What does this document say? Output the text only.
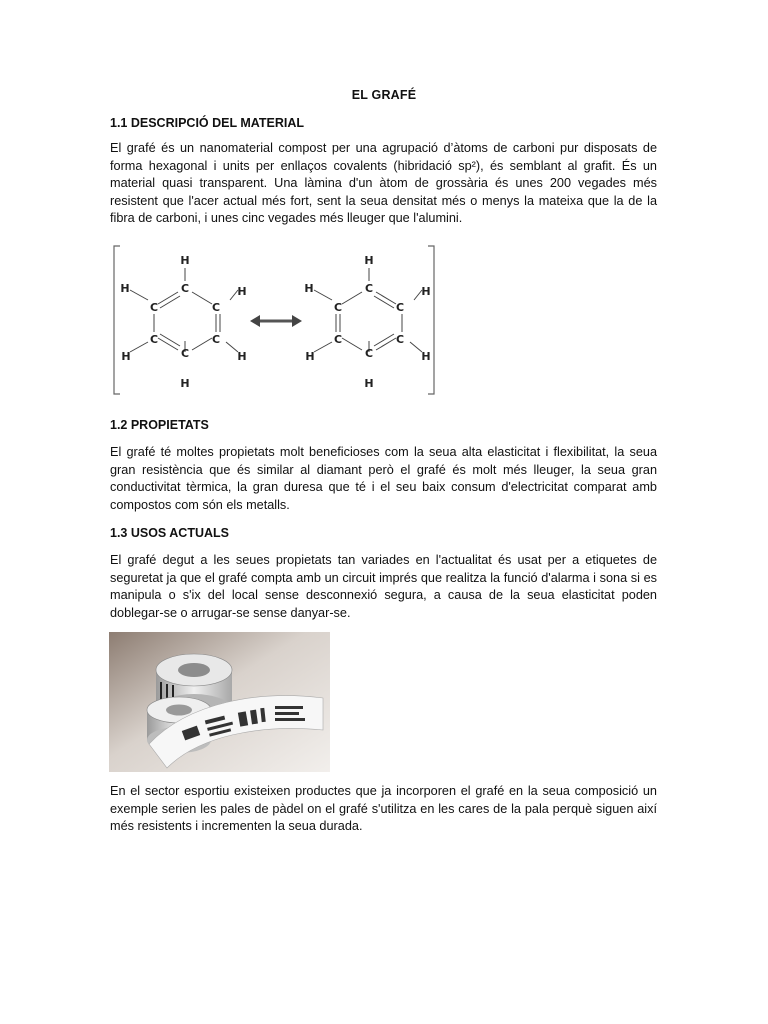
EL GRAFÉ
1.1 DESCRIPCIÓ DEL MATERIAL
El grafé és un nanomaterial compost per una agrupació d’àtoms de carboni pur disposats de forma hexagonal i units per enllaços covalents (hibridació sp²), és semblant al grafit. És un material quasi transparent. Una làmina d'un àtom de grossària és unes 200 vegades més resistent que l'acer actual més fort, sent la seua densitat més o menys la mateixa que la de la fibra de carboni, i unes cinc vegades més lleuger que l'alumini.
H
C
H
C	C
H
C	C
H	H
C
H
H
C
H
C	C
H
C	C
H	H
C
H
1.2 PROPIETATS
El grafé té moltes propietats molt beneficioses com la seua alta elasticitat i flexibilitat, la seua gran resistència que és similar al diamant però el grafé és molt més lleuger, la seua gran conductivitat tèrmica, la gran duresa que té i el seu baix consum d'electricitat comparat amb compostos com són els metalls.
1.3 USOS ACTUALS
El grafé degut a les seues propietats tan variades en l'actualitat és usat per a etiquetes de seguretat ja que el grafé compta amb un circuit imprés que realitza la funció d'alarma i sona si es manipula o s'ix del local sense desconnexió segura, a causa de la seua elasticitat poden doblegar-se o arrugar-se sense danyar-se.
En el sector esportiu existeixen productes que ja incorporen el grafé en la seua composició un exemple serien les pales de pàdel on el grafé s'utilitza en les cares de la pala perquè siguen així més resistents i incrementen la seua durada.
